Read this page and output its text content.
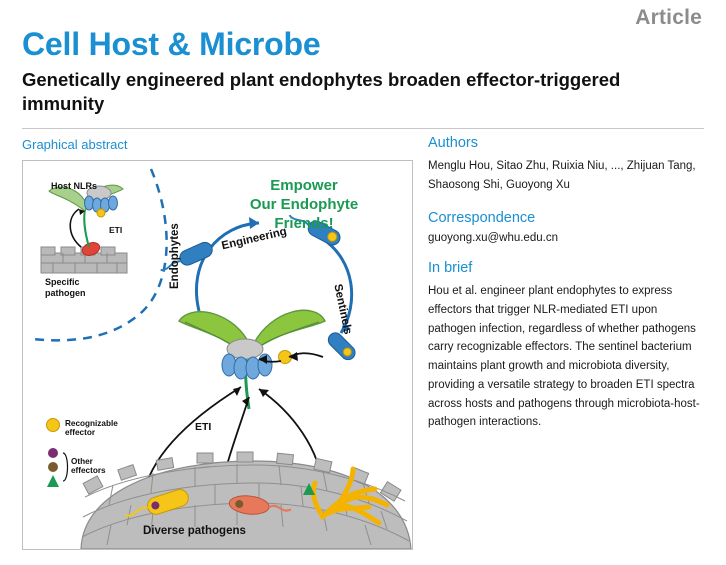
Article
Cell Host & Microbe
Genetically engineered plant endophytes broaden effector-triggered immunity
Graphical abstract
Empower
Our Endophyte Friends!
Host NLRs
ETI
Specific
pathogen
Engineering
Endophytes
Sentinels
ETI
Diverse pathogens
Recognizable
effector
Other
effectors
Authors
Menglu Hou, Sitao Zhu, Ruixia Niu, ..., Zhijuan Tang, Shaosong Shi, Guoyong Xu
Correspondence
guoyong.xu@whu.edu.cn
In brief
Hou et al. engineer plant endophytes to express effectors that trigger NLR-mediated ETI upon pathogen infection, regardless of whether pathogens carry recognizable effectors. The sentinel bacterium maintains plant growth and microbiota diversity, providing a versatile strategy to broaden ETI spectra across hosts and pathogens through microbiota-host-pathogen interactions.
